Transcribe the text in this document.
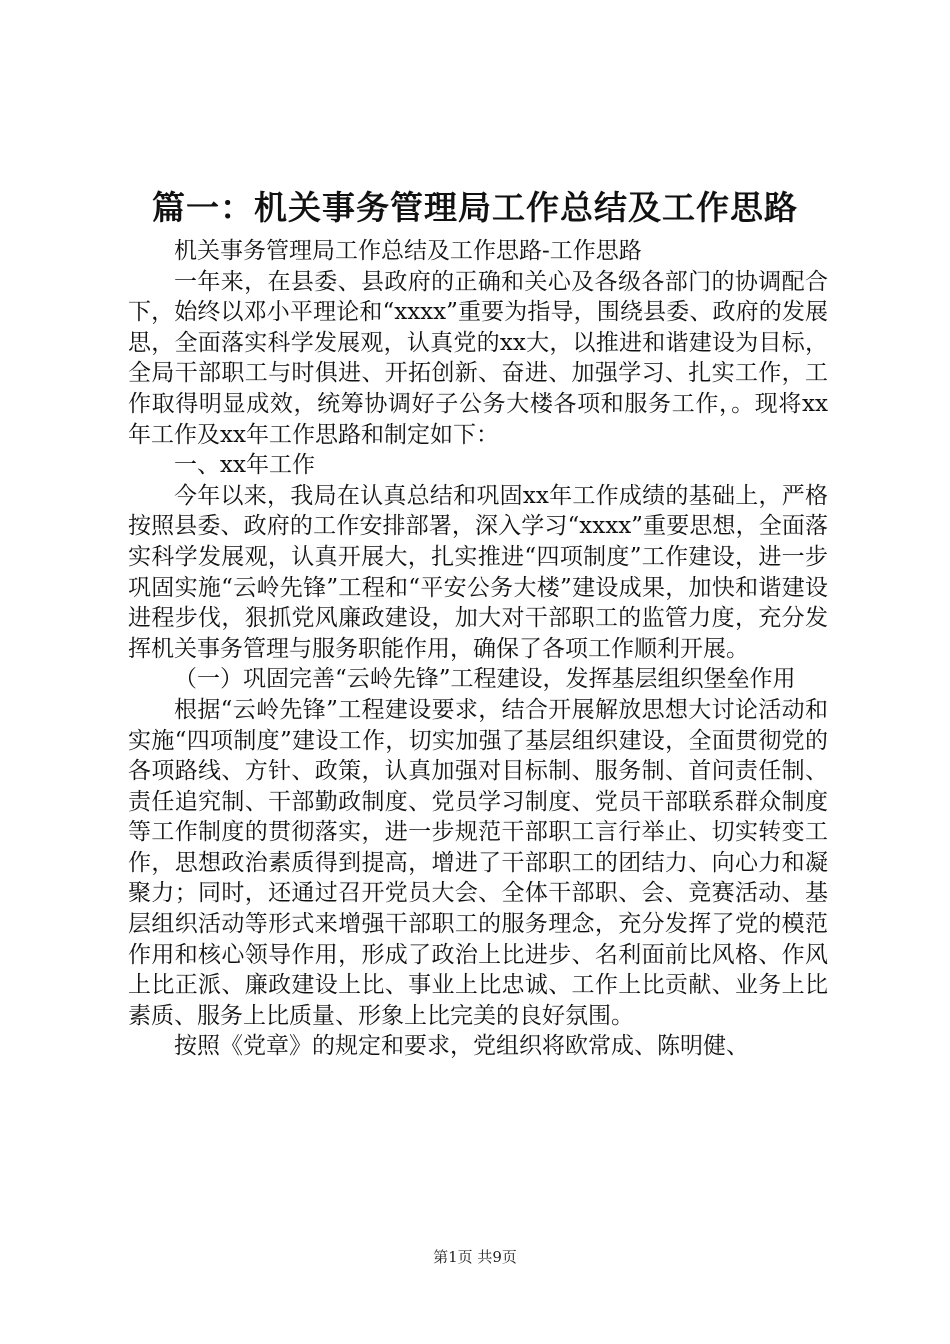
篇一：机关事务管理局工作总结及工作思路

机关事务管理局工作总结及工作思路-工作思路

一年来，在县委、县政府的正确和关心及各级各部门的协调配合下，始终以邓小平理论和“xxxx”重要为指导，围绕县委、政府的发展思，全面落实科学发展观，认真党的xx大，以推进和谐建设为目标，全局干部职工与时俱进、开拓创新、奋进、加强学习、扎实工作，工作取得明显成效，统筹协调好子公务大楼各项和服务工作，。现将xx年工作及xx年工作思路和制定如下：

一、xx年工作

今年以来，我局在认真总结和巩固xx年工作成绩的基础上，严格按照县委、政府的工作安排部署，深入学习“xxxx”重要思想，全面落实科学发展观，认真开展大，扎实推进“四项制度”工作建设，进一步巩固实施“云岭先锋”工程和“平安公务大楼”建设成果，加快和谐建设进程步伐，狠抓党风廉政建设，加大对干部职工的监管力度，充分发挥机关事务管理与服务职能作用，确保了各项工作顺利开展。

（一）巩固完善“云岭先锋”工程建设，发挥基层组织堡垒作用

根据“云岭先锋”工程建设要求，结合开展解放思想大讨论活动和实施“四项制度”建设工作，切实加强了基层组织建设，全面贯彻党的各项路线、方针、政策，认真加强对目标制、服务制、首问责任制、责任追究制、干部勤政制度、党员学习制度、党员干部联系群众制度等工作制度的贯彻落实，进一步规范干部职工言行举止、切实转变工作，思想政治素质得到提高，增进了干部职工的团结力、向心力和凝聚力；同时，还通过召开党员大会、全体干部职、会、竞赛活动、基层组织活动等形式来增强干部职工的服务理念，充分发挥了党的模范作用和核心领导作用，形成了政治上比进步、名利面前比风格、作风上比正派、廉政建设上比、事业上比忠诚、工作上比贡献、业务上比素质、服务上比质量、形象上比完美的良好氛围。

按照《党章》的规定和要求，党组织将欧常成、陈明健、

第1页 共9页
